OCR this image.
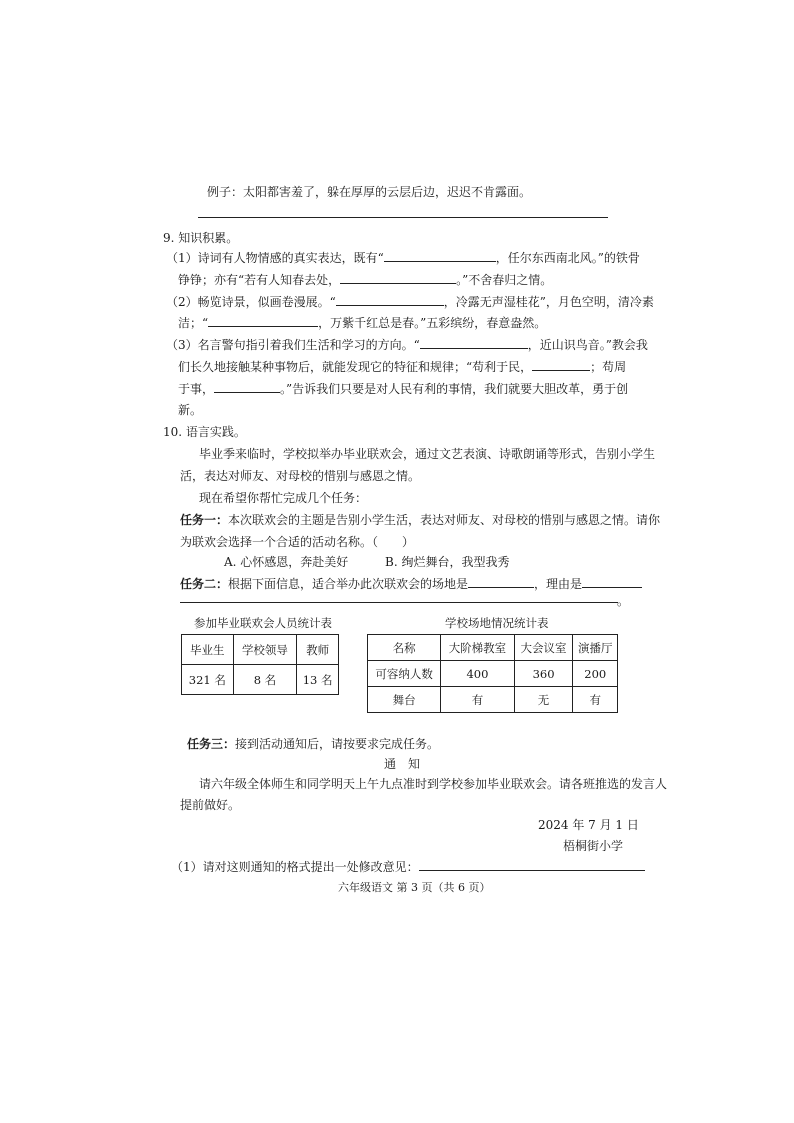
例子：太阳都害羞了，躲在厚厚的云层后边，迟迟不肯露面。
9. 知识积累。
（1）诗词有人物情感的真实表达，既有“	，任尔东西南北风。”的铁骨
铮铮；亦有“若有人知春去处，	。”不舍春归之情。
（2）畅览诗景，似画卷漫展。“	，冷露无声湿桂花”，月色空明，清冷素
洁；“	，万紫千红总是春。”五彩缤纷，春意盎然。
（3）名言警句指引着我们生活和学习的方向。“	，近山识鸟音。”教会我
们长久地接触某种事物后，就能发现它的特征和规律；“苟利于民，	；苟周
于事，	。”告诉我们只要是对人民有利的事情，我们就要大胆改革，勇于创
新。
10. 语言实践。
毕业季来临时，学校拟举办毕业联欢会，通过文艺表演、诗歌朗诵等形式，告别小学生
活，表达对师友、对母校的惜别与感恩之情。
现在希望你帮忙完成几个任务：
任务一：本次联欢会的主题是告别小学生活，表达对师友、对母校的惜别与感恩之情。请你
为联欢会选择一个合适的活动名称。（　　）
A. 心怀感恩，奔赴美好	B. 绚烂舞台，我型我秀
任务二：根据下面信息，适合举办此次联欢会的场地是	，理由是
。
参加毕业联欢会人员统计表
毕业生	学校领导	教师
321 名	8 名	13 名
学校场地情况统计表
名称	大阶梯教室	大会议室	演播厅
可容纳人数	400	360	200
舞台	有	无	有
任务三：接到活动通知后，请按要求完成任务。
通　知
请六年级全体师生和同学明天上午九点准时到学校参加毕业联欢会。请各班推选的发言人
提前做好。
2024 年 7 月 1 日
梧桐街小学
（1）请对这则通知的格式提出一处修改意见：
六年级语文 第 3 页（共 6 页）
